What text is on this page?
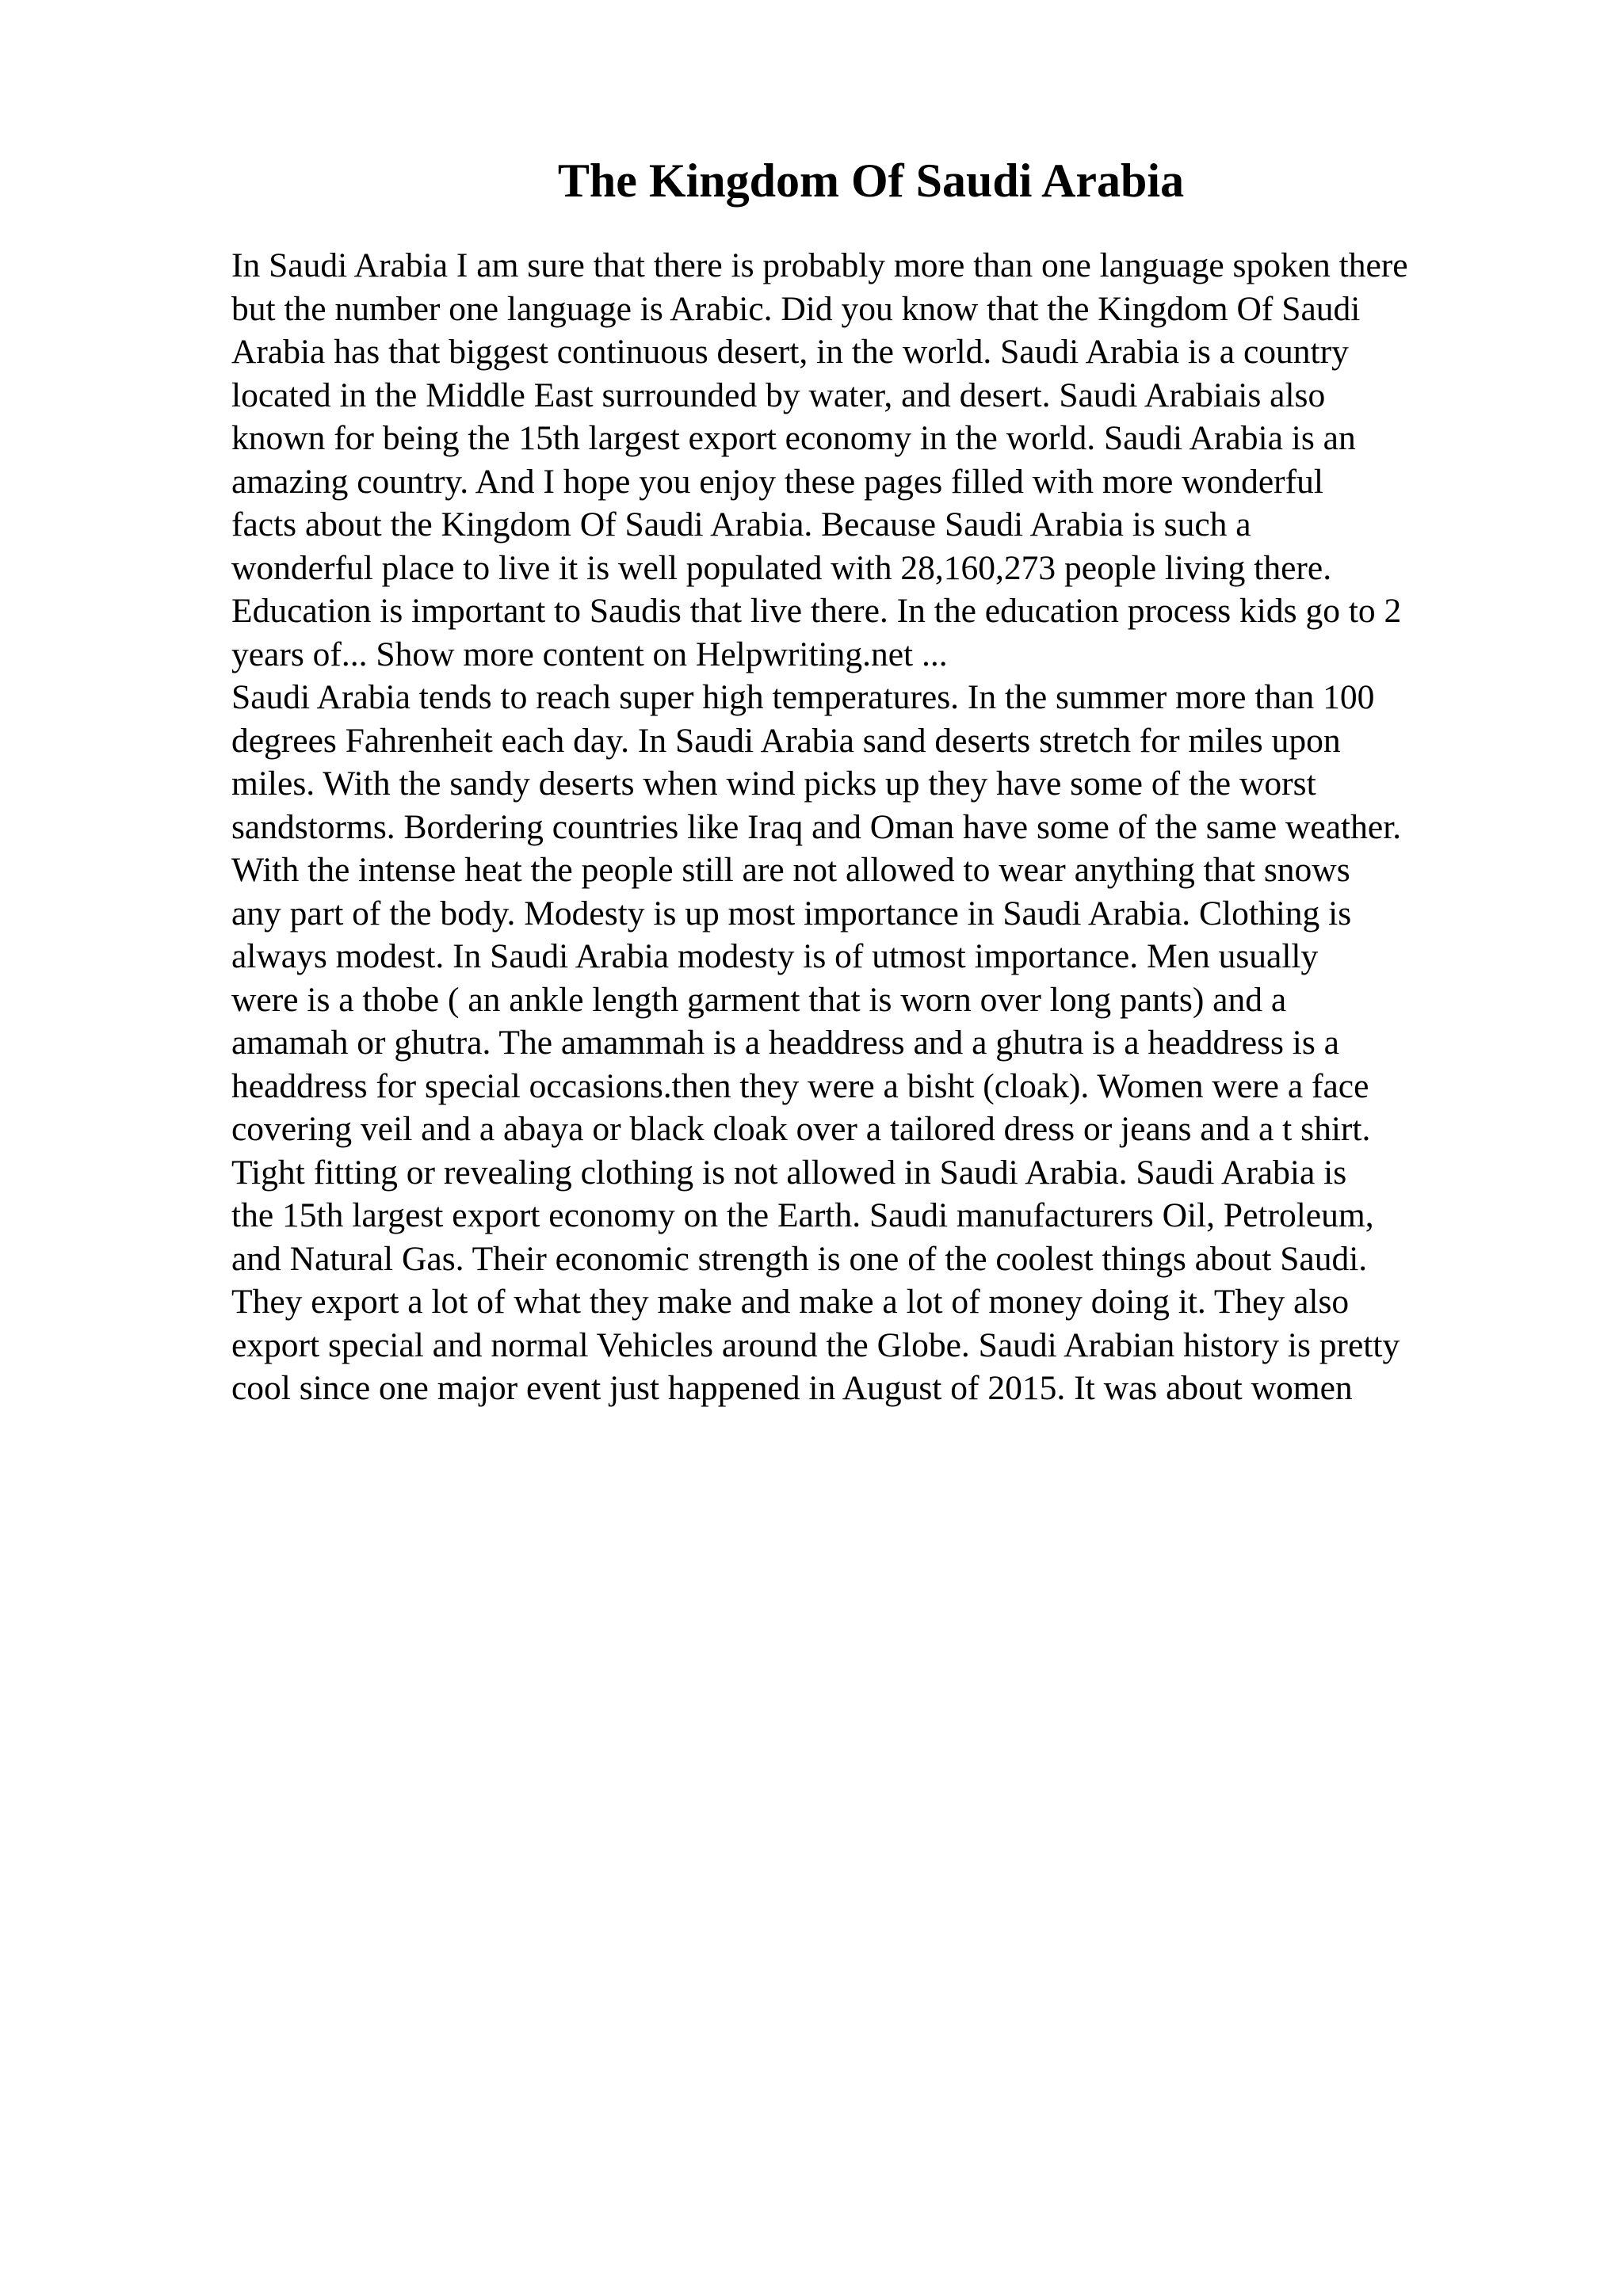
The Kingdom Of Saudi Arabia
In Saudi Arabia I am sure that there is probably more than one language spoken there
but the number one language is Arabic. Did you know that the Kingdom Of Saudi
Arabia has that biggest continuous desert, in the world. Saudi Arabia is a country
located in the Middle East surrounded by water, and desert. Saudi Arabiais also
known for being the 15th largest export economy in the world. Saudi Arabia is an
amazing country. And I hope you enjoy these pages filled with more wonderful
facts about the Kingdom Of Saudi Arabia. Because Saudi Arabia is such a
wonderful place to live it is well populated with 28,160,273 people living there.
Education is important to Saudis that live there. In the education process kids go to 2
years of... Show more content on Helpwriting.net ...
Saudi Arabia tends to reach super high temperatures. In the summer more than 100
degrees Fahrenheit each day. In Saudi Arabia sand deserts stretch for miles upon
miles. With the sandy deserts when wind picks up they have some of the worst
sandstorms. Bordering countries like Iraq and Oman have some of the same weather.
With the intense heat the people still are not allowed to wear anything that snows
any part of the body. Modesty is up most importance in Saudi Arabia. Clothing is
always modest. In Saudi Arabia modesty is of utmost importance. Men usually
were is a thobe ( an ankle length garment that is worn over long pants) and a
amamah or ghutra. The amammah is a headdress and a ghutra is a headdress is a
headdress for special occasions.then they were a bisht (cloak). Women were a face
covering veil and a abaya or black cloak over a tailored dress or jeans and a t shirt.
Tight fitting or revealing clothing is not allowed in Saudi Arabia. Saudi Arabia is
the 15th largest export economy on the Earth. Saudi manufacturers Oil, Petroleum,
and Natural Gas. Their economic strength is one of the coolest things about Saudi.
They export a lot of what they make and make a lot of money doing it. They also
export special and normal Vehicles around the Globe. Saudi Arabian history is pretty
cool since one major event just happened in August of 2015. It was about women
